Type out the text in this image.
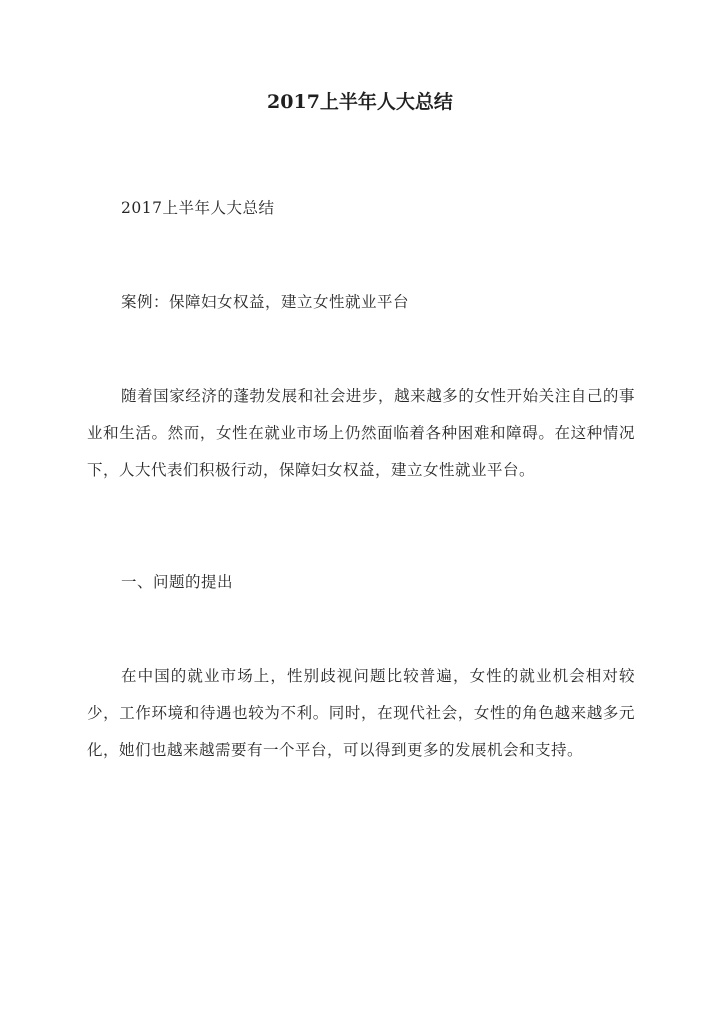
2017上半年人大总结

2017上半年人大总结

案例：保障妇女权益，建立女性就业平台

随着国家经济的蓬勃发展和社会进步，越来越多的女性开始关注自己的事业和生活。然而，女性在就业市场上仍然面临着各种困难和障碍。在这种情况下，人大代表们积极行动，保障妇女权益，建立女性就业平台。

一、问题的提出

在中国的就业市场上，性别歧视问题比较普遍，女性的就业机会相对较少，工作环境和待遇也较为不利。同时，在现代社会，女性的角色越来越多元化，她们也越来越需要有一个平台，可以得到更多的发展机会和支持。
